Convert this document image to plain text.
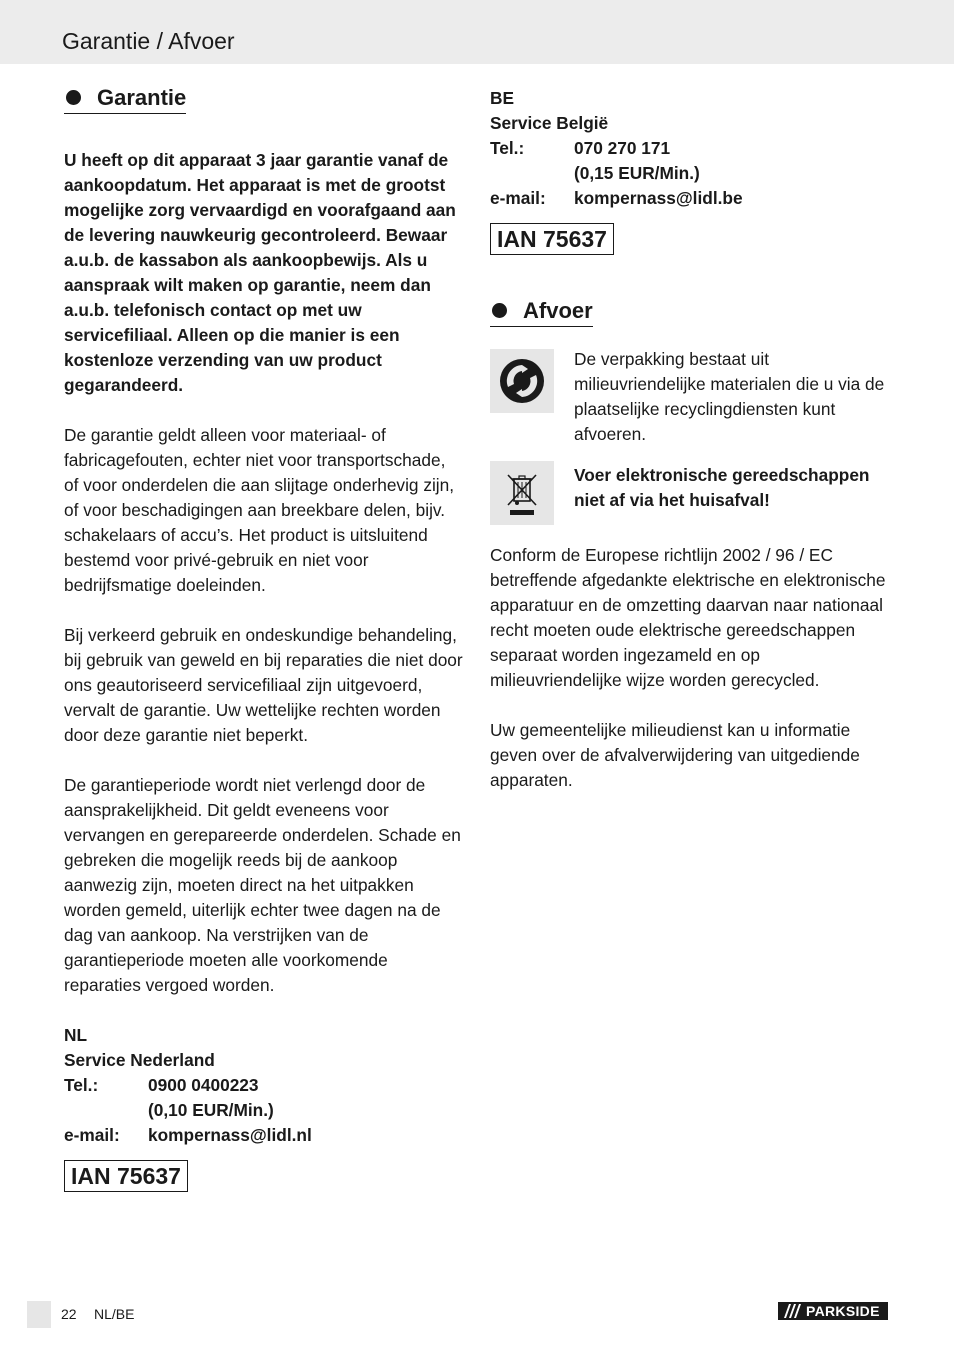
Garantie / Afvoer
Garantie

U heeft op dit apparaat 3 jaar garantie vanaf de aankoopdatum. Het apparaat is met de grootst mogelijke zorg vervaardigd en voorafgaand aan de levering nauwkeurig gecontroleerd. Bewaar a.u.b. de kassabon als aankoopbewijs. Als u aanspraak wilt maken op garantie, neem dan a.u.b. telefonisch contact op met uw servicefiliaal. Alleen op die manier is een kostenloze verzending van uw product gegarandeerd.

De garantie geldt alleen voor materiaal- of fabricagefouten, echter niet voor transportschade, of voor onderdelen die aan slijtage onderhevig zijn, of voor beschadigingen aan breekbare delen, bijv. schakelaars of accu’s. Het product is uitsluitend bestemd voor privé-gebruik en niet voor bedrijfsmatige doeleinden.

Bij verkeerd gebruik en ondeskundige behandeling, bij gebruik van geweld en bij reparaties die niet door ons geautoriseerd servicefiliaal zijn uitgevoerd, vervalt de garantie. Uw wettelijke rechten worden door deze garantie niet beperkt.

De garantieperiode wordt niet verlengd door de aansprakelijkheid. Dit geldt eveneens voor vervangen en gerepareerde onderdelen. Schade en gebreken die mogelijk reeds bij de aankoop aanwezig zijn, moeten direct na het uitpakken worden gemeld, uiterlijk echter twee dagen na de dag van aankoop. Na verstrijken van de garantieperiode moeten alle voorkomende reparaties vergoed worden.

NL
Service Nederland
Tel.:	0900 0400223
(0,10 EUR/Min.)
e-mail:	kompernass@lidl.nl
IAN 75637
BE
Service België
Tel.:	070 270 171
(0,15 EUR/Min.)
e-mail:	kompernass@lidl.be
IAN 75637
Afvoer

De verpakking bestaat uit milieuvriendelijke materialen die u via de plaatselijke recyclingdiensten kunt afvoeren.

Voer elektronische gereedschappen niet af via het huisafval!

Conform de Europese richtlijn 2002 / 96 / EC betreffende afgedankte elektrische en elektronische apparatuur en de omzetting daarvan naar nationaal recht moeten oude elektrische gereedschappen separaat worden ingezameld en op milieuvriendelijke wijze worden gerecycled.

Uw gemeentelijke milieudienst kan u informatie geven over de afvalverwijdering van uitgediende apparaten.

22 NL/BE	PARKSIDE
